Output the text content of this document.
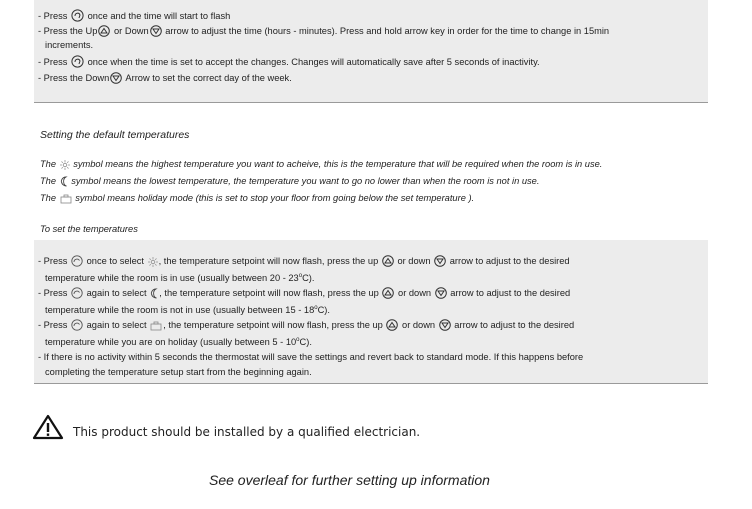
- Press once and the time will start to flash
- Press the Up or Down arrow to adjust the time (hours - minutes). Press and hold arrow key in order for the time to change in 15min
increments.
- Press once when the time is set to accept the changes. Changes will automatically save after 5 seconds of inactivity.
- Press the Down Arrow to set the correct day of the week.
Setting the default temperatures
The symbol means the highest temperature you want to acheive, this is the temperature that will be required when the room is in use.
The symbol means the lowest temperature, the temperature you want to go no lower than when the room is not in use.
The symbol means holiday mode (this is set to stop your floor from going below the set temperature ).
To set the temperatures
- Press once to select , the temperature setpoint will now flash, press the up or down arrow to adjust to the desired
temperature while the room is in use (usually between 20 - 23$^o$C).
- Press again to select , the temperature setpoint will now flash, press the up or down arrow to adjust to the desired
temperature while the room is not in use (usually between 15 - 18$^o$C).
- Press again to select , the temperature setpoint will now flash, press the up or down arrow to adjust to the desired
temperature while you are on holiday (usually between 5 - 10$^o$C).
- If there is no activity within 5 seconds the thermostat will save the settings and revert back to standard mode. If this happens before
completing the temperature setup start from the beginning again.
This product should be installed by a qualified electrician.
See overleaf for further setting up information
